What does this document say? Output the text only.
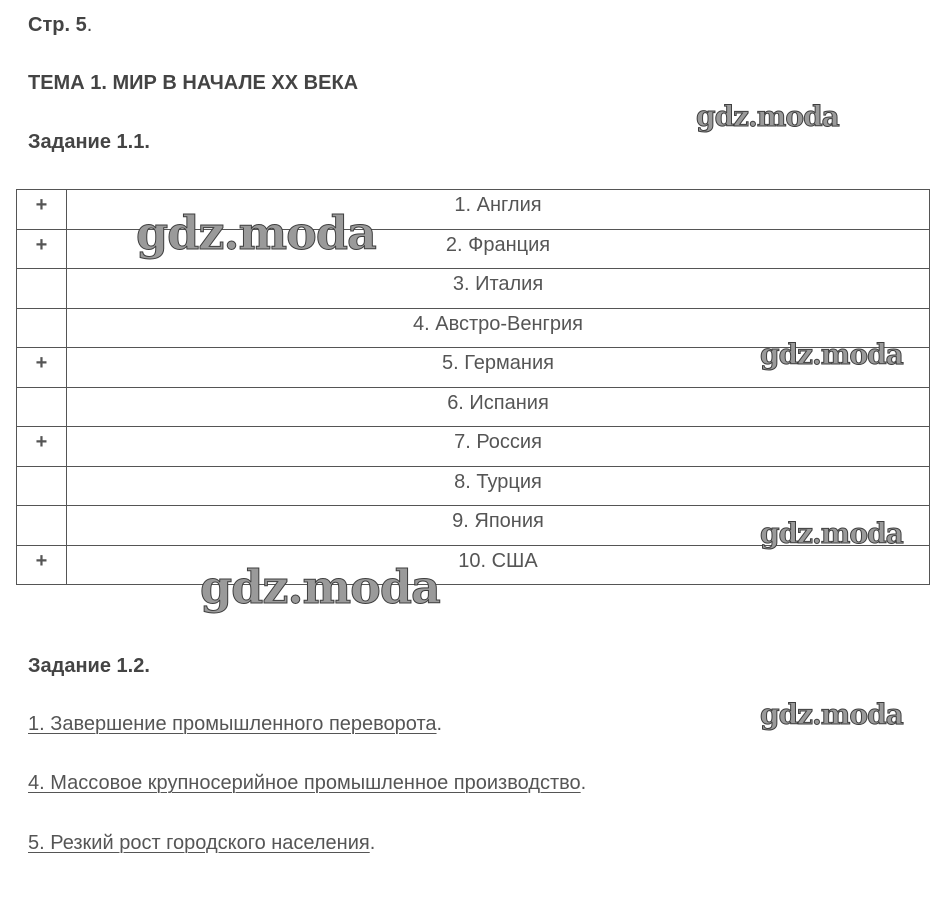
Стр. 5.
ТЕМА 1. МИР В НАЧАЛЕ XX ВЕКА
Задание 1.1.
+	1. Англия
+	2. Франция
	3. Италия
	4. Австро-Венгрия
+	5. Германия
	6. Испания
+	7. Россия
	8. Турция
	9. Япония
+	10. США
Задание 1.2.
1. Завершение промышленного переворота.
4. Массовое крупносерийное промышленное производство.
5. Резкий рост городского населения.
gdz.moda
gdz.moda
gdz.moda
gdz.moda
gdz.moda
gdz.moda
